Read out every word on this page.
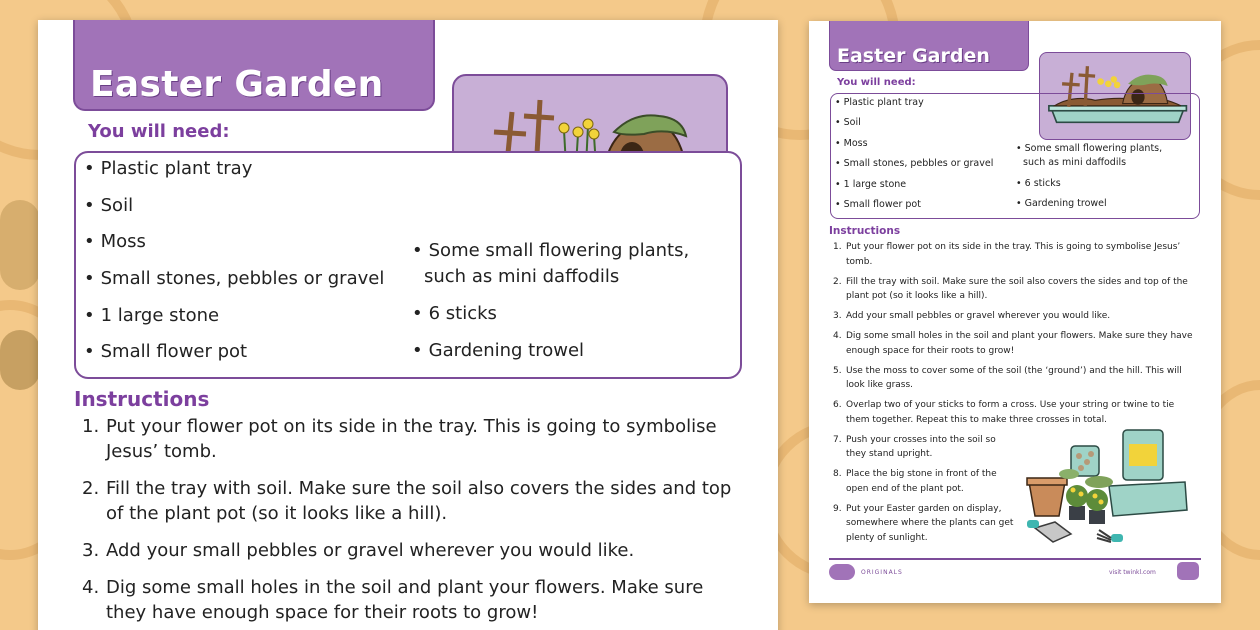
Easter Garden
You will need:
• Plastic plant tray
• Soil
• Moss
• Small stones, pebbles or gravel
• 1 large stone
• Small flower pot
• Some small flowering plants,
such as mini daffodils
• 6 sticks
• Gardening trowel
Instructions
1. Put your flower pot on its side in the tray. This is going to symbolise Jesus’ tomb.
2. Fill the tray with soil. Make sure the soil also covers the sides and top of the plant pot (so it looks like a hill).
3. Add your small pebbles or gravel wherever you would like.
4. Dig some small holes in the soil and plant your flowers. Make sure they have enough space for their roots to grow!
Easter Garden
You will need:
• Plastic plant tray
• Soil
• Moss
• Small stones, pebbles or gravel
• 1 large stone
• Small flower pot
• Some small flowering plants,
such as mini daffodils
• 6 sticks
• Gardening trowel
Instructions
1. Put your flower pot on its side in the tray. This is going to symbolise Jesus’ tomb.
2. Fill the tray with soil. Make sure the soil also covers the sides and top of the plant pot (so it looks like a hill).
3. Add your small pebbles or gravel wherever you would like.
4. Dig some small holes in the soil and plant your flowers. Make sure they have enough space for their roots to grow!
5. Use the moss to cover some of the soil (the ‘ground’) and the hill. This will look like grass.
6. Overlap two of your sticks to form a cross. Use your string or twine to tie them together. Repeat this to make three crosses in total.
7. Push your crosses into the soil so they stand upright.
8. Place the big stone in front of the open end of the plant pot.
9. Put your Easter garden on display, somewhere where the plants can get plenty of sunlight.
ORIGINALS	visit twinkl.com
